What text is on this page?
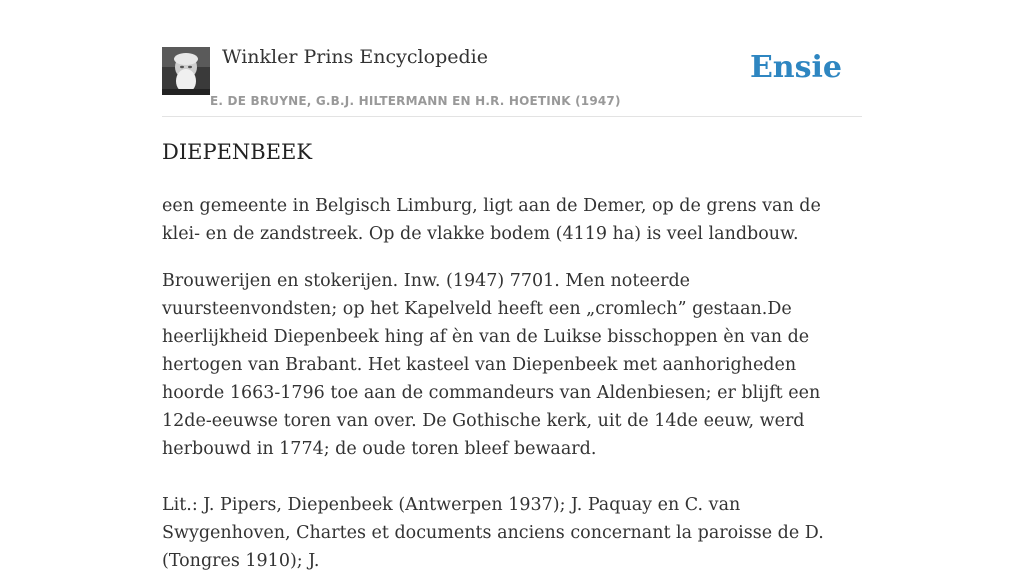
Winkler Prins Encyclopedie
E. DE BRUYNE, G.B.J. HILTERMANN EN H.R. HOETINK (1947)
Ensie
DIEPENBEEK

een gemeente in Belgisch Limburg, ligt aan de Demer, op de grens van de klei- en de zandstreek. Op de vlakke bodem (4119 ha) is veel landbouw.

Brouwerijen en stokerijen. Inw. (1947) 7701. Men noteerde vuursteenvondsten; op het Kapelveld heeft een „cromlech” gestaan.De heerlijkheid Diepenbeek hing af èn van de Luikse bisschoppen èn van de hertogen van Brabant. Het kasteel van Diepenbeek met aanhorigheden hoorde 1663-1796 toe aan de commandeurs van Aldenbiesen; er blijft een 12de-eeuwse toren van over. De Gothische kerk, uit de 14de eeuw, werd herbouwd in 1774; de oude toren bleef bewaard.

Lit.: J. Pipers, Diepenbeek (Antwerpen 1937); J. Paquay en C. van Swygenhoven, Chartes et documents anciens concernant la paroisse de D. (Tongres 1910); J.
